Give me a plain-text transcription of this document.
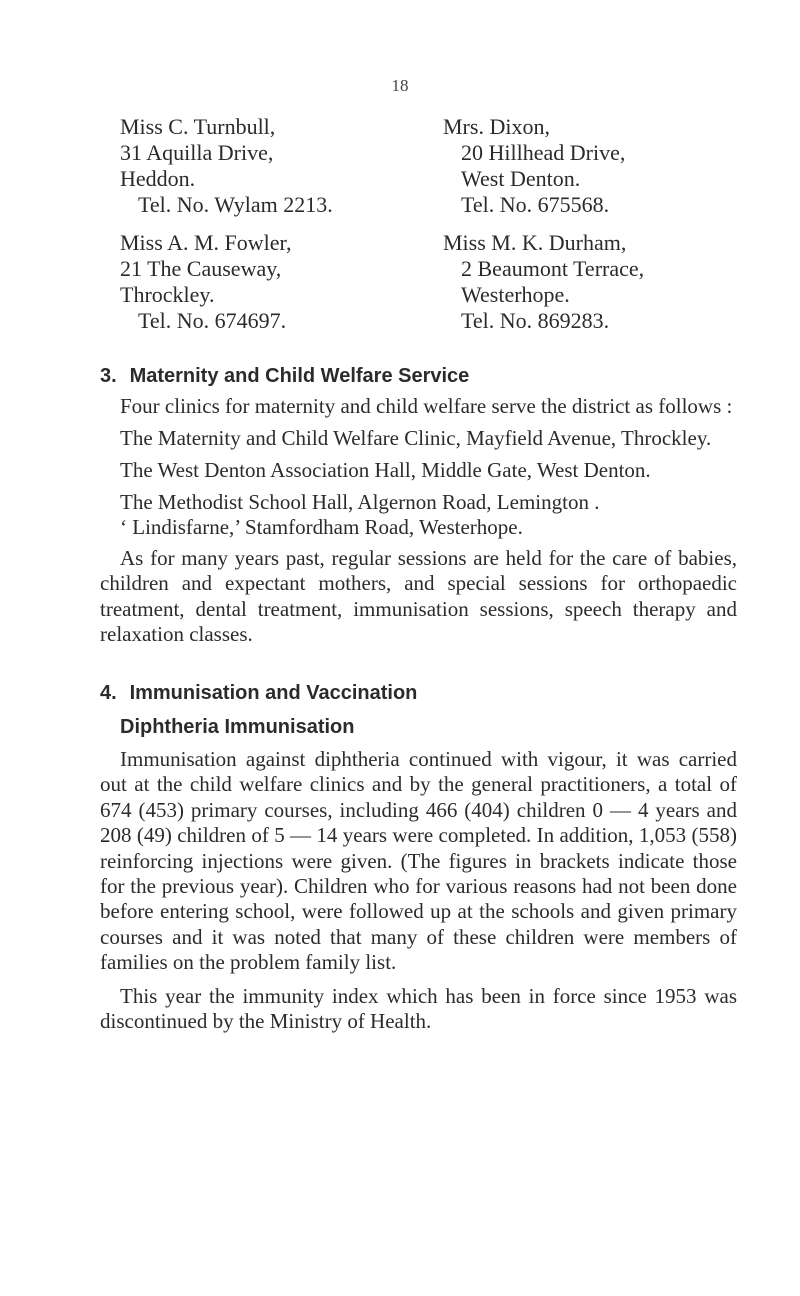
18
Miss C. Turnbull,
31 Aquilla Drive,
Heddon.
Tel. No. Wylam 2213.
Mrs. Dixon,
20 Hillhead Drive,
West Denton.
Tel. No. 675568.
Miss A. M. Fowler,
21 The Causeway,
Throckley.
Tel. No. 674697.
Miss M. K. Durham,
2 Beaumont Terrace,
Westerhope.
Tel. No. 869283.
3. Maternity and Child Welfare Service

Four clinics for maternity and child welfare serve the district as follows :

The Maternity and Child Welfare Clinic, Mayfield Avenue, Throckley.

The West Denton Association Hall, Middle Gate, West Denton.

The Methodist School Hall, Algernon Road, Lemington .

‘ Lindisfarne,’ Stamfordham Road, Westerhope.

As for many years past, regular sessions are held for the care of babies, children and expectant mothers, and special sessions for orthopaedic treatment, dental treatment, immunisation sessions, speech therapy and relaxation classes.

4. Immunisation and Vaccination
Diphtheria Immunisation

Immunisation against diphtheria continued with vigour, it was carried out at the child welfare clinics and by the general practitioners, a total of 674 (453) primary courses, including 466 (404) children 0 — 4 years and 208 (49) children of 5 — 14 years were completed. In addition, 1,053 (558) reinforcing injections were given. (The figures in brackets indicate those for the previous year). Children who for various reasons had not been done before entering school, were followed up at the schools and given primary courses and it was noted that many of these children were members of families on the problem family list.

This year the immunity index which has been in force since 1953 was discontinued by the Ministry of Health.
